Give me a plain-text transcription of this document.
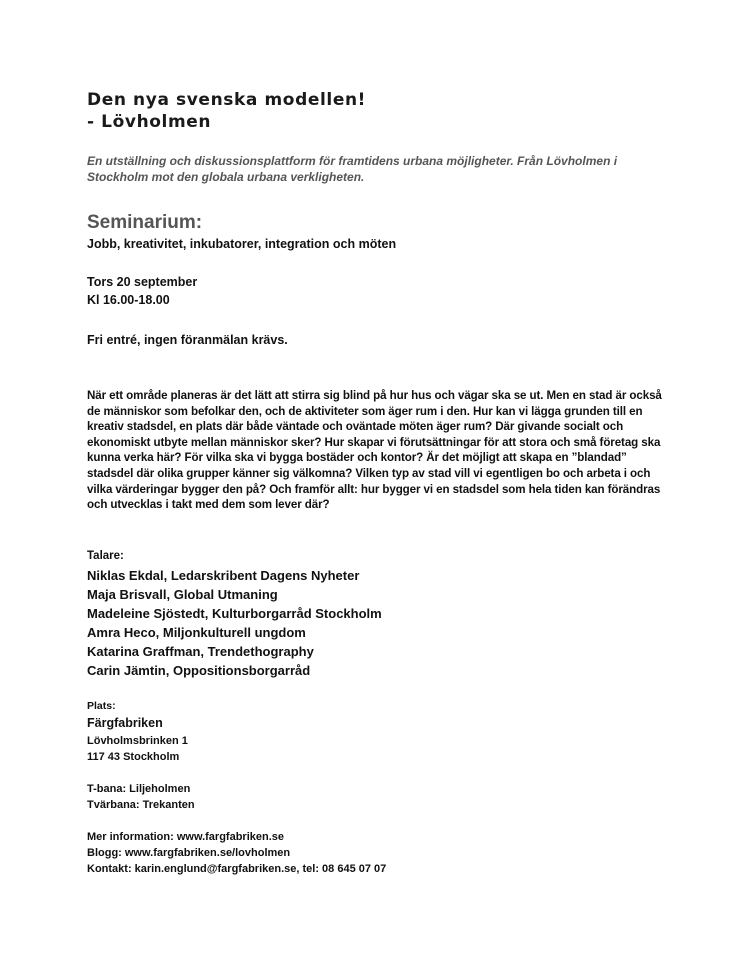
Den nya svenska modellen!
- Lövholmen
En utställning och diskussionsplattform för framtidens urbana möjligheter. Från Lövholmen i Stockholm mot den globala urbana verkligheten.
Seminarium:
Jobb, kreativitet, inkubatorer, integration och möten
Tors 20 september
Kl 16.00-18.00
Fri entré, ingen föranmälan krävs.
När ett område planeras är det lätt att stirra sig blind på hur hus och vägar ska se ut. Men en stad är också de människor som befolkar den, och de aktiviteter som äger rum i den. Hur kan vi lägga grunden till en kreativ stadsdel, en plats där både väntade och oväntade möten äger rum? Där givande socialt och ekonomiskt utbyte mellan människor sker? Hur skapar vi förutsättningar för att stora och små företag ska kunna verka här? För vilka ska vi bygga bostäder och kontor? Är det möjligt att skapa en ”blandad” stadsdel där olika grupper känner sig välkomna? Vilken typ av stad vill vi egentligen bo och arbeta i och vilka värderingar bygger den på? Och framför allt: hur bygger vi en stadsdel som hela tiden kan förändras och utvecklas i takt med dem som lever där?
Talare:
Niklas Ekdal, Ledarskribent Dagens Nyheter
Maja Brisvall, Global Utmaning
Madeleine Sjöstedt, Kulturborgarråd Stockholm
Amra Heco, Miljonkulturell ungdom
Katarina Graffman, Trendethography
Carin Jämtin, Oppositionsborgarråd
Plats:
Färgfabriken
Lövholmsbrinken 1
117 43 Stockholm
T-bana: Liljeholmen
Tvärbana: Trekanten
Mer information: www.fargfabriken.se
Blogg: www.fargfabriken.se/lovholmen
Kontakt: karin.englund@fargfabriken.se, tel: 08 645 07 07
